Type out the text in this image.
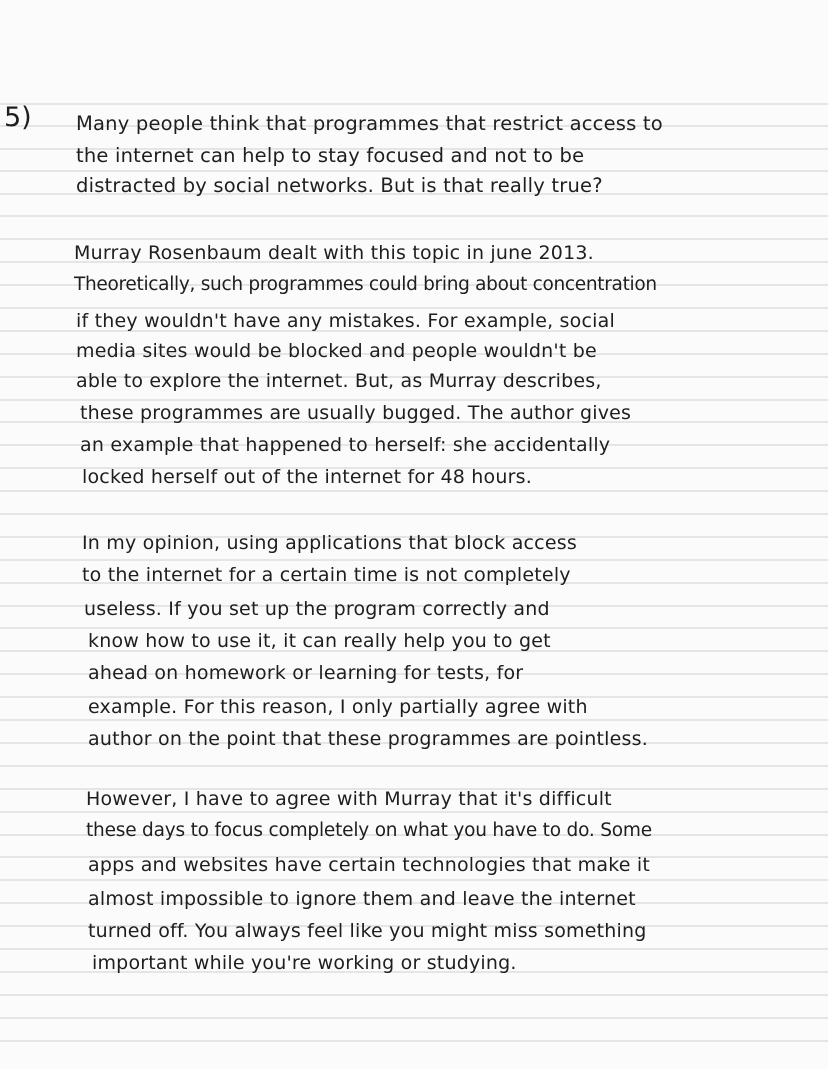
5) Many people think that programmes that restrict access to

the internet can help to stay focused and not to be

distracted by social networks. But is that really true?

Murray Rosenbaum dealt with this topic in june 2013.

Theoretically, such programmes could bring about concentration

if they wouldn't have any mistakes. For example, social

media sites would be blocked and people wouldn't be

able to explore the internet. But, as Murray describes,

these programmes are usually bugged. The author gives

an example that happened to herself: she accidentally

locked herself out of the internet for 48 hours.

In my opinion, using applications that block access

to the internet for a certain time is not completely

useless. If you set up the program correctly and

know how to use it, it can really help you to get

ahead on homework or learning for tests, for

example. For this reason, I only partially agree with

author on the point that these programmes are pointless.

However, I have to agree with Murray that it's difficult

these days to focus completely on what you have to do. Some

apps and websites have certain technologies that make it

almost impossible to ignore them and leave the internet

turned off. You always feel like you might miss something

important while you're working or studying.
